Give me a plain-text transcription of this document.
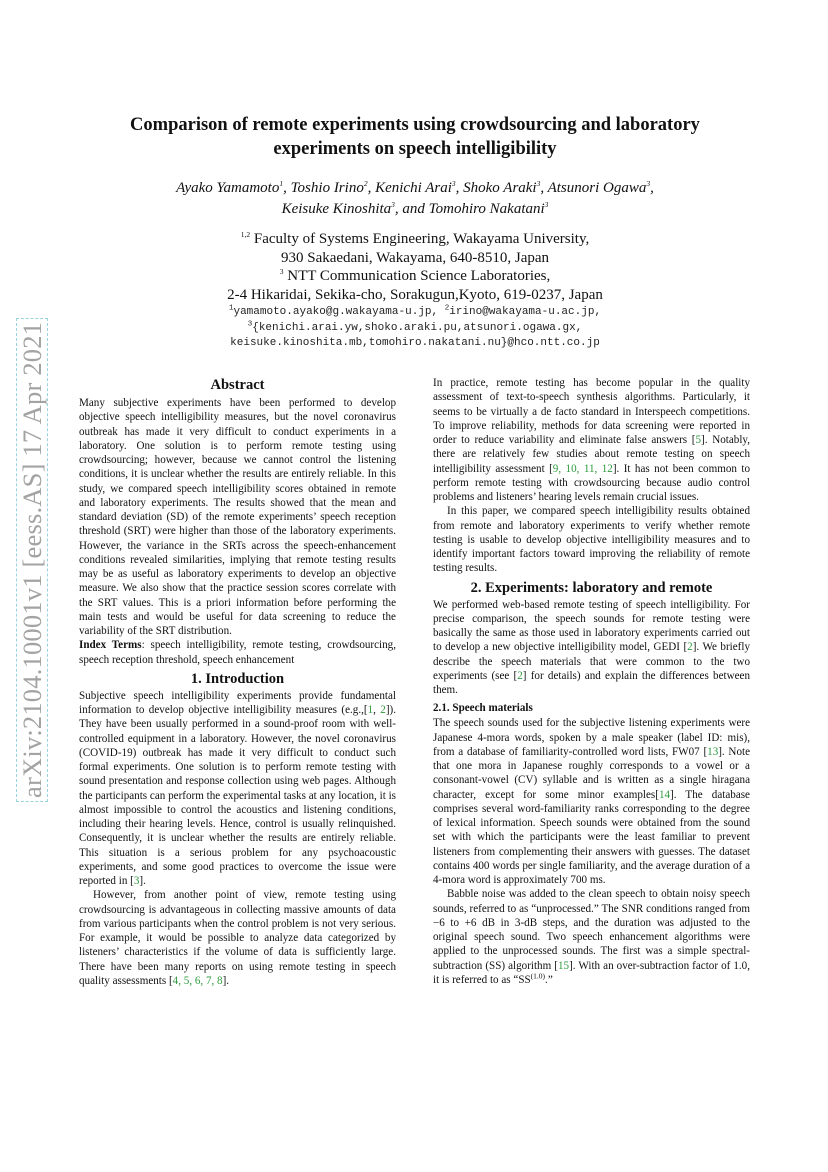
arXiv:2104.10001v1 [eess.AS] 17 Apr 2021
Comparison of remote experiments using crowdsourcing and laboratory
experiments on speech intelligibility
Ayako Yamamoto$^1$, Toshio Irino$^2$, Kenichi Arai$^3$, Shoko Araki$^3$, Atsunori Ogawa$^3$,
Keisuke Kinoshita$^3$, and Tomohiro Nakatani$^3$
$^{1,2}$ Faculty of Systems Engineering, Wakayama University,
930 Sakaedani, Wakayama, 640-8510, Japan
$^3$ NTT Communication Science Laboratories,
2-4 Hikaridai, Sekika-cho, Sorakugun,Kyoto, 619-0237, Japan
$^1$yamamoto.ayako@g.wakayama-u.jp, $^2$irino@wakayama-u.ac.jp,
$^3${kenichi.arai.yw,shoko.araki.pu,atsunori.ogawa.gx,
keisuke.kinoshita.mb,tomohiro.nakatani.nu}@hco.ntt.co.jp
Abstract

Many subjective experiments have been performed to develop objective speech intelligibility measures, but the novel coronavirus outbreak has made it very difficult to conduct experiments in a laboratory. One solution is to perform remote testing using crowdsourcing; however, because we cannot control the listening conditions, it is unclear whether the results are entirely reliable. In this study, we compared speech intelligibility scores obtained in remote and laboratory experiments. The results showed that the mean and standard deviation (SD) of the remote experiments’ speech reception threshold (SRT) were higher than those of the laboratory experiments. However, the variance in the SRTs across the speech-enhancement conditions revealed similarities, implying that remote testing results may be as useful as laboratory experiments to develop an objective measure. We also show that the practice session scores correlate with the SRT values. This is a priori information before performing the main tests and would be useful for data screening to reduce the variability of the SRT distribution.

Index Terms: speech intelligibility, remote testing, crowdsourcing, speech reception threshold, speech enhancement

1. Introduction

Subjective speech intelligibility experiments provide fundamental information to develop objective intelligibility measures (e.g.,[1, 2]). They have been usually performed in a sound-proof room with well-controlled equipment in a laboratory. However, the novel coronavirus (COVID-19) outbreak has made it very difficult to conduct such formal experiments. One solution is to perform remote testing with sound presentation and response collection using web pages. Although the participants can perform the experimental tasks at any location, it is almost impossible to control the acoustics and listening conditions, including their hearing levels. Hence, control is usually relinquished. Consequently, it is unclear whether the results are entirely reliable. This situation is a serious problem for any psychoacoustic experiments, and some good practices to overcome the issue were reported in [3].

However, from another point of view, remote testing using crowdsourcing is advantageous in collecting massive amounts of data from various participants when the control problem is not very serious. For example, it would be possible to analyze data categorized by listeners’ characteristics if the volume of data is sufficiently large. There have been many reports on using remote testing in speech quality assessments [4, 5, 6, 7, 8].

In practice, remote testing has become popular in the quality assessment of text-to-speech synthesis algorithms. Particularly, it seems to be virtually a de facto standard in Interspeech competitions. To improve reliability, methods for data screening were reported in order to reduce variability and eliminate false answers [5]. Notably, there are relatively few studies about remote testing on speech intelligibility assessment [9, 10, 11, 12]. It has not been common to perform remote testing with crowdsourcing because audio control problems and listeners’ hearing levels remain crucial issues.

In this paper, we compared speech intelligibility results obtained from remote and laboratory experiments to verify whether remote testing is usable to develop objective intelligibility measures and to identify important factors toward improving the reliability of remote testing results.

2. Experiments: laboratory and remote

We performed web-based remote testing of speech intelligibility. For precise comparison, the speech sounds for remote testing were basically the same as those used in laboratory experiments carried out to develop a new objective intelligibility model, GEDI [2]. We briefly describe the speech materials that were common to the two experiments (see [2] for details) and explain the differences between them.

2.1. Speech materials

The speech sounds used for the subjective listening experiments were Japanese 4-mora words, spoken by a male speaker (label ID: mis), from a database of familiarity-controlled word lists, FW07 [13]. Note that one mora in Japanese roughly corresponds to a vowel or a consonant-vowel (CV) syllable and is written as a single hiragana character, except for some minor examples[14]. The database comprises several word-familiarity ranks corresponding to the degree of lexical information. Speech sounds were obtained from the sound set with which the participants were the least familiar to prevent listeners from complementing their answers with guesses. The dataset contains 400 words per single familiarity, and the average duration of a 4-mora word is approximately 700 ms.

Babble noise was added to the clean speech to obtain noisy speech sounds, referred to as “unprocessed.” The SNR conditions ranged from −6 to +6 dB in 3-dB steps, and the duration was adjusted to the original speech sound. Two speech enhancement algorithms were applied to the unprocessed sounds. The first was a simple spectral-subtraction (SS) algorithm [15]. With an over-subtraction factor of 1.0, it is referred to as “$SS^{(1.0)}$.”
